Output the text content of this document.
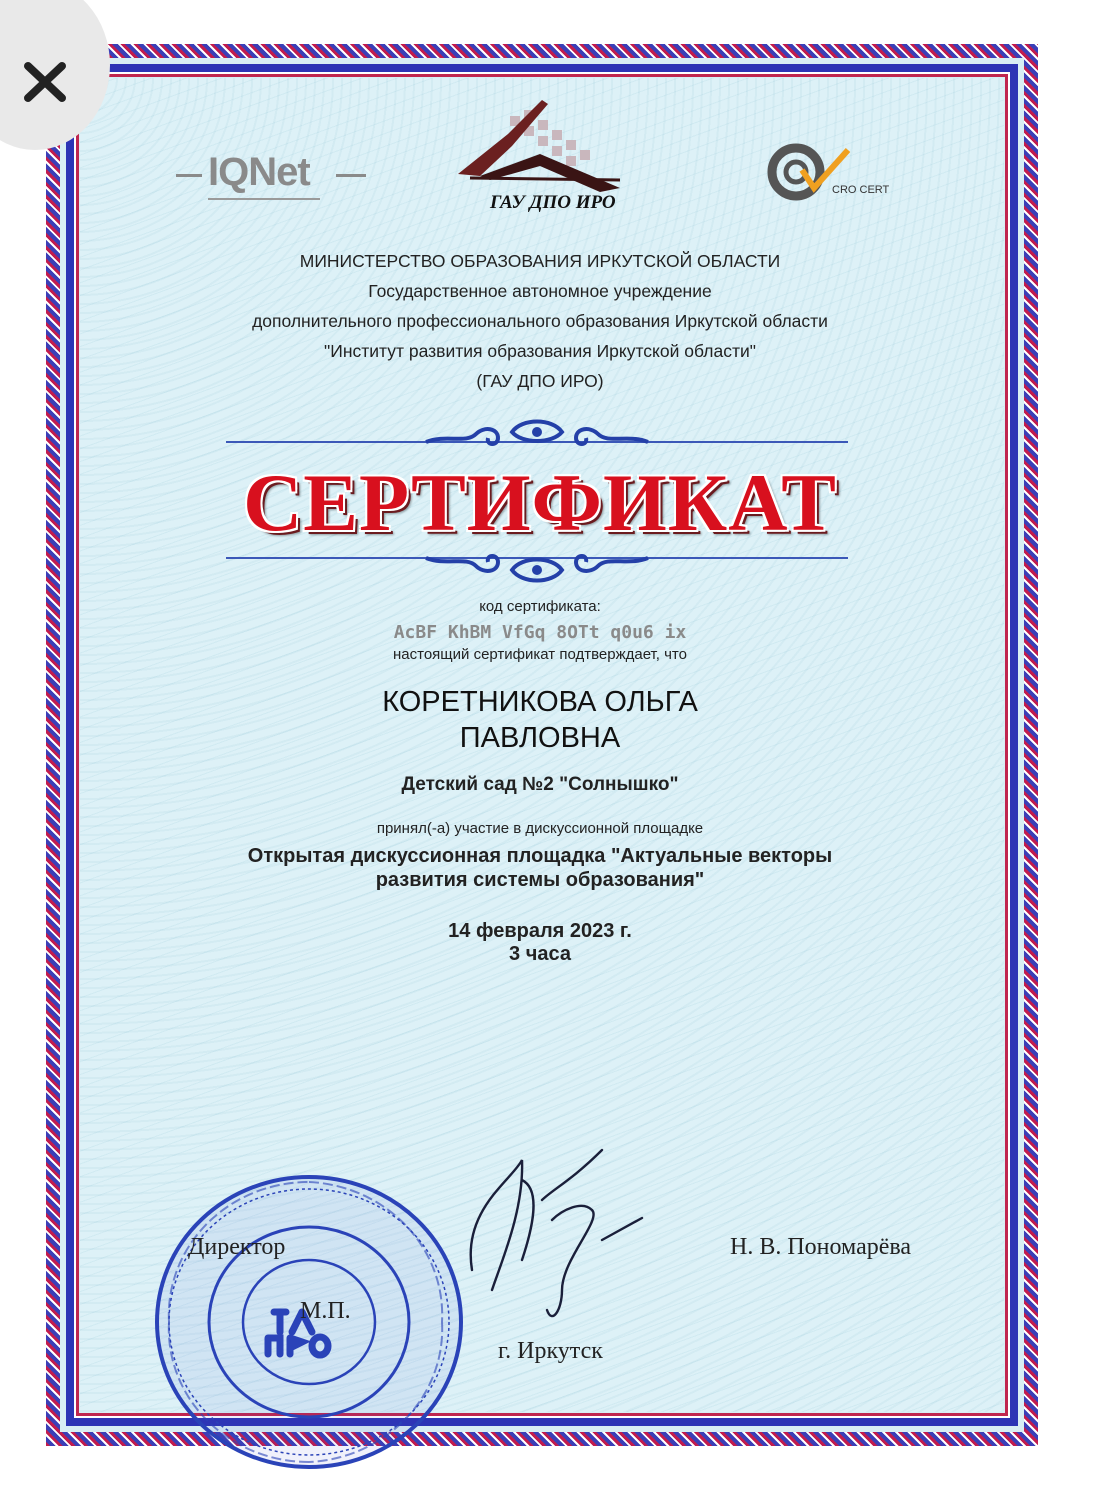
IQNet
ГАУ ДПО ИРО
CRO CERT
МИНИСТЕРСТВО ОБРАЗОВАНИЯ ИРКУТСКОЙ ОБЛАСТИ
Государственное автономное учреждение
дополнительного профессионального образования Иркутской области
"Институт развития образования Иркутской области"
(ГАУ ДПО ИРО)
СЕРТИФИКАТ
код сертификата:
AcBF KhBM VfGq 8OTt q0u6 ix
настоящий сертификат подтверждает, что
КОРЕТНИКОВА ОЛЬГА
ПАВЛОВНА
Детский сад №2 "Солнышко"
принял(-а) участие в дискуссионной площадке
Открытая дискуссионная площадка "Актуальные векторы
развития системы образования"
14 февраля 2023 г.
3 часа
Директор	Н. В. Пономарёва
М.П.
г. Иркутск
